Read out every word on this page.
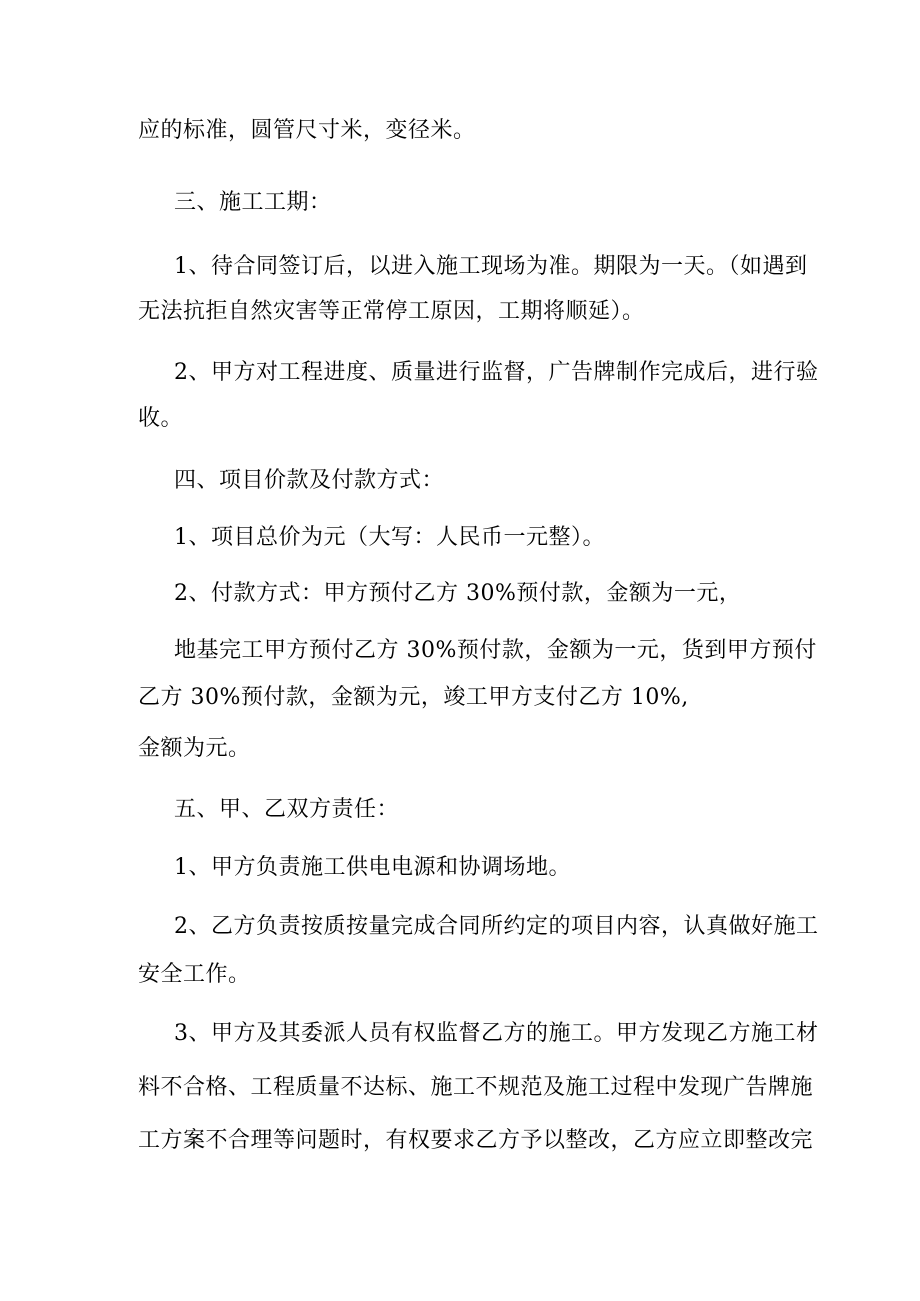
应的标准，圆管尺寸米，变径米。
三、施工工期：
1、待合同签订后，以进入施工现场为准。期限为一天。（如遇到
无法抗拒自然灾害等正常停工原因，工期将顺延）。
2、甲方对工程进度、质量进行监督，广告牌制作完成后，进行验
收。
四、项目价款及付款方式：
1、项目总价为元（大写：人民币一元整）。
2、付款方式：甲方预付乙方 30%预付款，金额为一元，
地基完工甲方预付乙方 30%预付款，金额为一元，货到甲方预付
乙方 30%预付款，金额为元，竣工甲方支付乙方 10%,
金额为元。
五、甲、乙双方责任：
1、甲方负责施工供电电源和协调场地。
2、乙方负责按质按量完成合同所约定的项目内容，认真做好施工
安全工作。
3、甲方及其委派人员有权监督乙方的施工。甲方发现乙方施工材
料不合格、工程质量不达标、施工不规范及施工过程中发现广告牌施
工方案不合理等问题时，有权要求乙方予以整改，乙方应立即整改完
